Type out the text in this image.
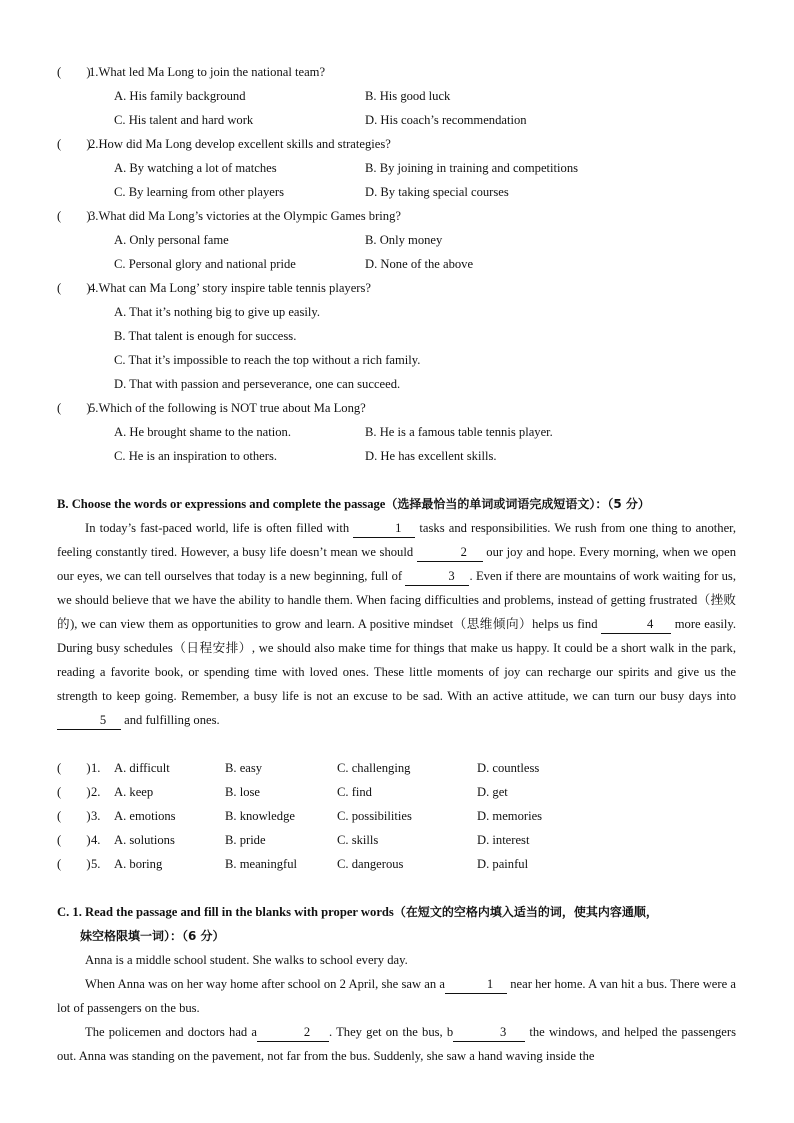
(　　)1.What led Ma Long to join the national team?
A. His family background	B. His good luck
C. His talent and hard work	D. His coach’s recommendation
(　　)2.How did Ma Long develop excellent skills and strategies?
A. By watching a lot of matches	B. By joining in training and competitions
C. By learning from other players	D. By taking special courses
(　　)3.What did Ma Long’s victories at the Olympic Games bring?
A. Only personal fame	B. Only money
C. Personal glory and national pride	D. None of the above
(　　)4.What can Ma Long’ story inspire table tennis players?
A. That it’s nothing big to give up easily.
B. That talent is enough for success.
C. That it’s impossible to reach the top without a rich family.
D. That with passion and perseverance, one can succeed.
(　　)5.Which of the following is NOT true about Ma Long?
A. He brought shame to the nation.	B. He is a famous table tennis player.
C. He is an inspiration to others.	D. He has excellent skills.
B. Choose the words or expressions and complete the passage（选择最恰当的单词或词语完成短语文）：（5 分）
In today’s fast-paced world, life is often filled with	1 tasks and responsibilities. We rush from one thing to another, feeling constantly tired. However, a busy life doesn’t mean we should	2 our joy and hope. Every morning, when we open our eyes, we can tell ourselves that today is a new beginning, full of	3 . Even if there are mountains of work waiting for us, we should believe that we have the ability to handle them. When facing difficulties and problems, instead of getting frustrated（挫败的), we can view them as opportunities to grow and learn. A positive mindset（思维倾向）helps us find	4 more easily. During busy schedules（日程安排）, we should also make time for things that make us happy. It could be a short walk in the park, reading a favorite book, or spending time with loved ones. These little moments of joy can recharge our spirits and give us the strength to keep going. Remember, a busy life is not an excuse to be sad. With an active attitude, we can turn our busy days into 5 and fulfilling ones.
(　　) 1. A. difficult	B. easy	C. challenging	D. countless
(　　) 2. A. keep	B. lose	C. find	D. get
(　　) 3. A. emotions	B. knowledge	C. possibilities	D. memories
(　　) 4. A. solutions	B. pride	C. skills	D. interest
(　　) 5. A. boring	B. meaningful	C. dangerous	D. painful
C. 1. Read the passage and fill in the blanks with proper words（在短文的空格内填入适当的词，使其内容通顺，
妹空格限填一词）：（6 分）
Anna is a middle school student. She walks to school every day.
When Anna was on her way home after school on 2 April, she saw an a	1 near her home. A van hit a bus. There were a lot of passengers on the bus.
The policemen and doctors had a	2 . They get on the bus, b	3 the windows, and helped the passengers out. Anna was standing on the pavement, not far from the bus. Suddenly, she saw a hand waving inside the
